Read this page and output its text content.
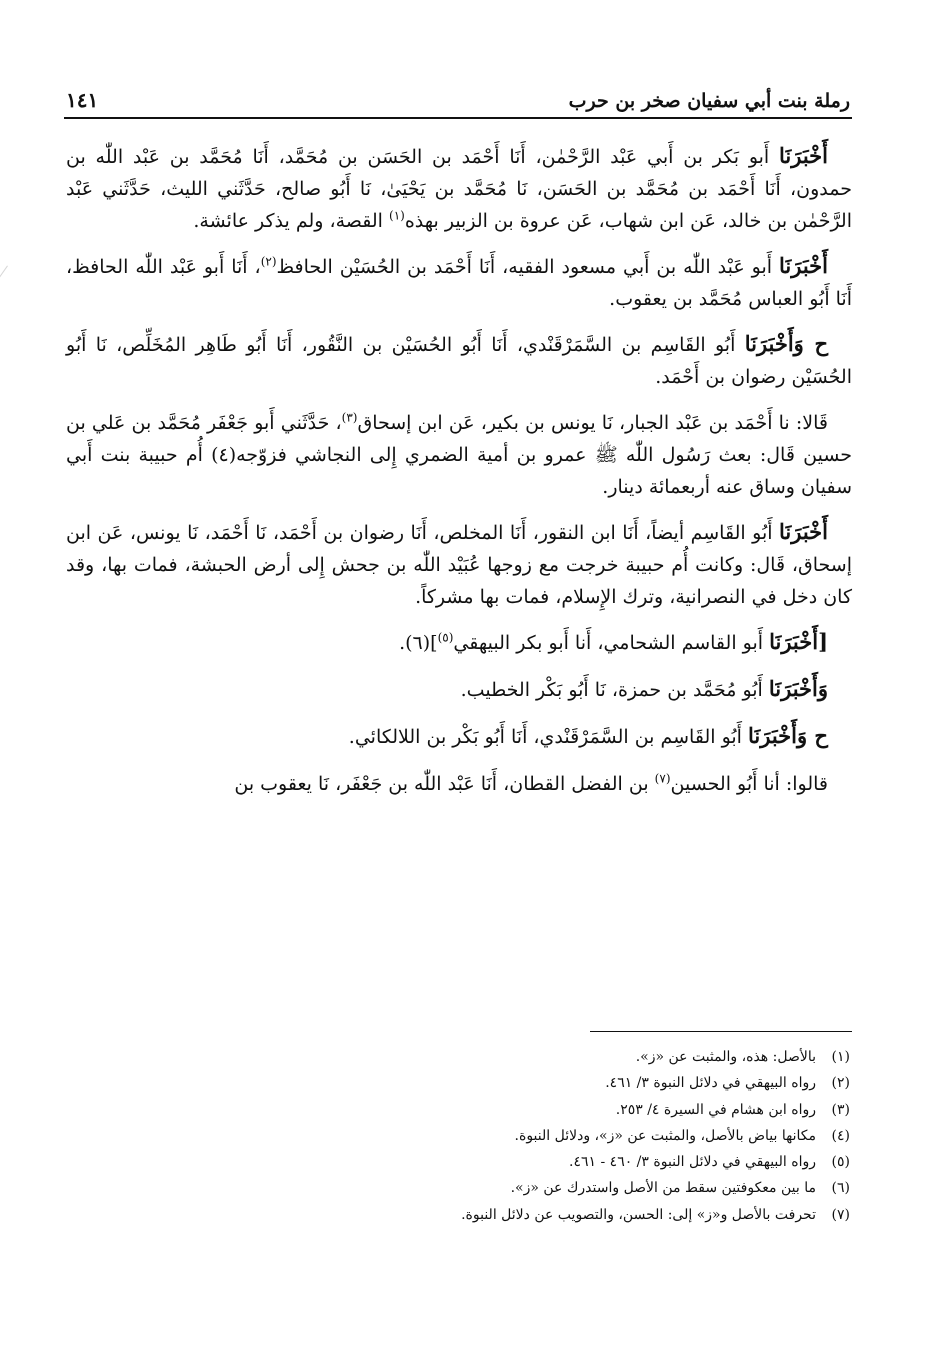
رملة بنت أبي سفيان صخر بن حرب
١٤١

أَخْبَرَنَا أَبو بَكر بن أَبي عَبْد الرَّحْمٰن، أَنَا أَحْمَد بن الحَسَن بن مُحَمَّد، أَنَا مُحَمَّد بن عَبْد اللّٰه بن حمدون، أَنَا أَحْمَد بن مُحَمَّد بن الحَسَن، نَا مُحَمَّد بن يَحْيَىٰ، نَا أَبُو صالح، حَدَّثَني الليث، حَدَّثَني عَبْد الرَّحْمٰن بن خالد، عَن ابن شهاب، عَن عروة بن الزبير بهذه$^{(١)}$ القصة، ولم يذكر عائشة.

أَخْبَرَنَا أَبو عَبْد اللّٰه بن أَبي مسعود الفقيه، أَنَا أَحْمَد بن الحُسَيْن الحافظ$^{(٢)}$، أَنَا أَبو عَبْد اللّٰه الحافظ، أَنَا أَبُو العباس مُحَمَّد بن يعقوب.

ح وَأَخْبَرَنَا أَبُو القَاسِم بن السَّمَرْقَنْدي، أَنَا أَبُو الحُسَيْن بن النَّقُور، أَنَا أَبُو طَاهِر المُخَلِّص، نَا أَبُو الحُسَيْن رضوان بن أَحْمَد.

قَالا: نا أَحْمَد بن عَبْد الجبار، نَا يونس بن بكير، عَن ابن إسحاق$^{(٣)}$، حَدَّثَني أَبو جَعْفَر مُحَمَّد بن عَلي بن حسين قَال: بعث رَسُول اللّٰه ﷺ عمرو بن أمية الضمري إِلى النجاشي فزوّجه(٤) أُم حبيبة بنت أَبي سفيان وساق عنه أربعمائة دينار.

أَخْبَرَنَا أَبُو القَاسِم أيضاً، أَنَا ابن النقور، أَنَا المخلص، أَنَا رضوان بن أَحْمَد، نَا أَحْمَد، نَا يونس، عَن ابن إسحاق، قَال: وكانت أُم حبيبة خرجت مع زوجها عُبَيْد اللّٰه بن جحش إِلى أرض الحبشة، فمات بها، وقد كان دخل في النصرانية، وترك الإِسلام، فمات بها مشركاً.

[أَخْبَرَنَا أَبو القاسم الشحامي، أَنا أَبو بكر البيهقي$^{(٥)}$](٦).

وَأَخْبَرَنَا أَبُو مُحَمَّد بن حمزة، نَا أَبُو بَكْر الخطيب.

ح وَأَخْبَرَنَا أَبُو القَاسِم بن السَّمَرْقَنْدي، أَنَا أَبُو بَكْر بن اللالكائي.

قالوا: أنا أَبُو الحسين$^{(٧)}$ بن الفضل القطان، أَنَا عَبْد اللّٰه بن جَعْفَر، نَا يعقوب بن

(١)بالأصل: هذه، والمثبت عن «ز».
(٢)رواه البيهقي في دلائل النبوة ٣/ ٤٦١.
(٣)رواه ابن هشام في السيرة ٤/ ٢٥٣.
(٤)مكانها بياض بالأصل، والمثبت عن «ز»، ودلائل النبوة.
(٥)رواه البيهقي في دلائل النبوة ٣/ ٤٦٠ - ٤٦١.
(٦)ما بين معكوفتين سقط من الأصل واستدرك عن «ز».
(٧)تحرفت بالأصل و«ز» إلى: الحسن، والتصويب عن دلائل النبوة.
